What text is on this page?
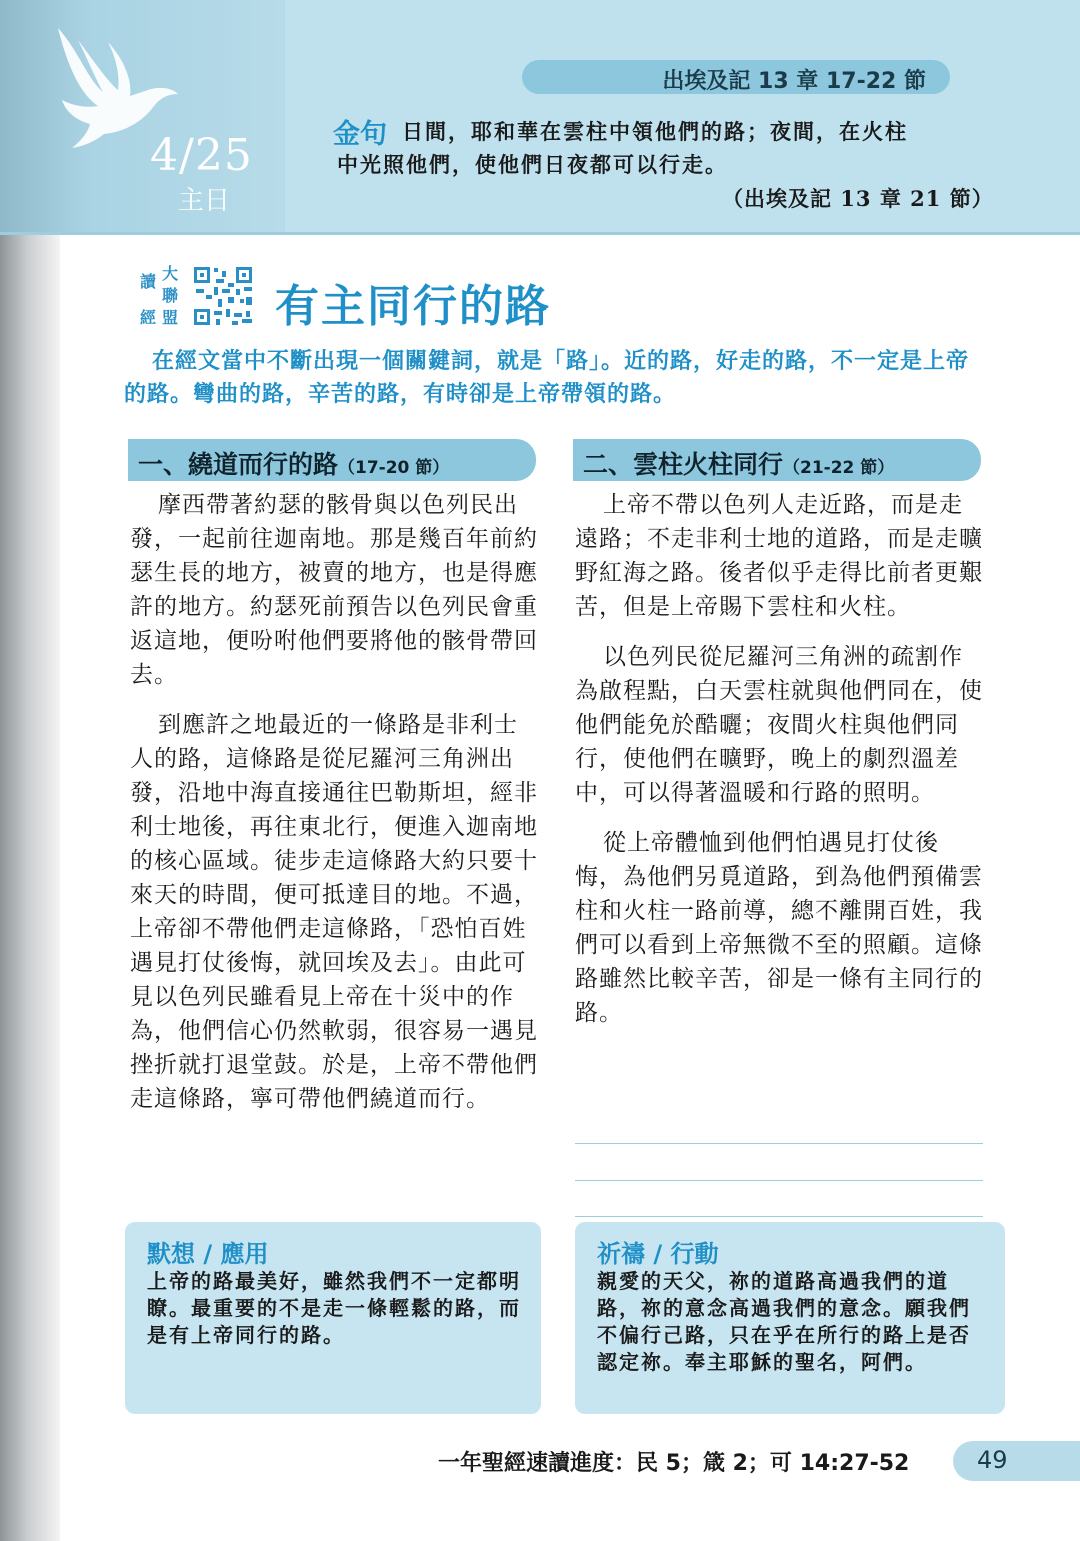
4/25
主日
出埃及記 13 章 17-22 節
金句 日間，耶和華在雲柱中領他們的路；夜間，在火柱
中光照他們，使他們日夜都可以行走。
（出埃及記 13 章 21 節）
讀 大
聯
經 盟 有主同行的路
在經文當中不斷出現一個關鍵詞，就是「路」。近的路，好走的路，不一定是上帝的路。彎曲的路，辛苦的路，有時卻是上帝帶領的路。
一、繞道而行的路（17-20 節）

摩西帶著約瑟的骸骨與以色列民出發，一起前往迦南地。那是幾百年前約瑟生長的地方，被賣的地方，也是得應許的地方。約瑟死前預告以色列民會重返這地，便吩咐他們要將他的骸骨帶回去。

到應許之地最近的一條路是非利士人的路，這條路是從尼羅河三角洲出發，沿地中海直接通往巴勒斯坦，經非利士地後，再往東北行，便進入迦南地的核心區域。徒步走這條路大約只要十來天的時間，便可抵達目的地。不過，上帝卻不帶他們走這條路，「恐怕百姓遇見打仗後悔，就回埃及去」。由此可見以色列民雖看見上帝在十災中的作為，他們信心仍然軟弱，很容易一遇見挫折就打退堂鼓。於是，上帝不帶他們走這條路，寧可帶他們繞道而行。

二、雲柱火柱同行（21-22 節）

上帝不帶以色列人走近路，而是走遠路；不走非利士地的道路，而是走曠野紅海之路。後者似乎走得比前者更艱苦，但是上帝賜下雲柱和火柱。

以色列民從尼羅河三角洲的疏割作為啟程點，白天雲柱就與他們同在，使他們能免於酷曬；夜間火柱與他們同行，使他們在曠野，晚上的劇烈溫差中，可以得著溫暖和行路的照明。

從上帝體恤到他們怕遇見打仗後悔，為他們另覓道路，到為他們預備雲柱和火柱一路前導，總不離開百姓，我們可以看到上帝無微不至的照顧。這條路雖然比較辛苦，卻是一條有主同行的路。

默想 / 應用
上帝的路最美好，雖然我們不一定都明瞭。最重要的不是走一條輕鬆的路，而是有上帝同行的路。
祈禱 / 行動
親愛的天父，祢的道路高過我們的道路，祢的意念高過我們的意念。願我們不偏行己路，只在乎在所行的路上是否認定祢。奉主耶穌的聖名，阿們。
一年聖經速讀進度：民 5；箴 2；可 14:27-52	49
